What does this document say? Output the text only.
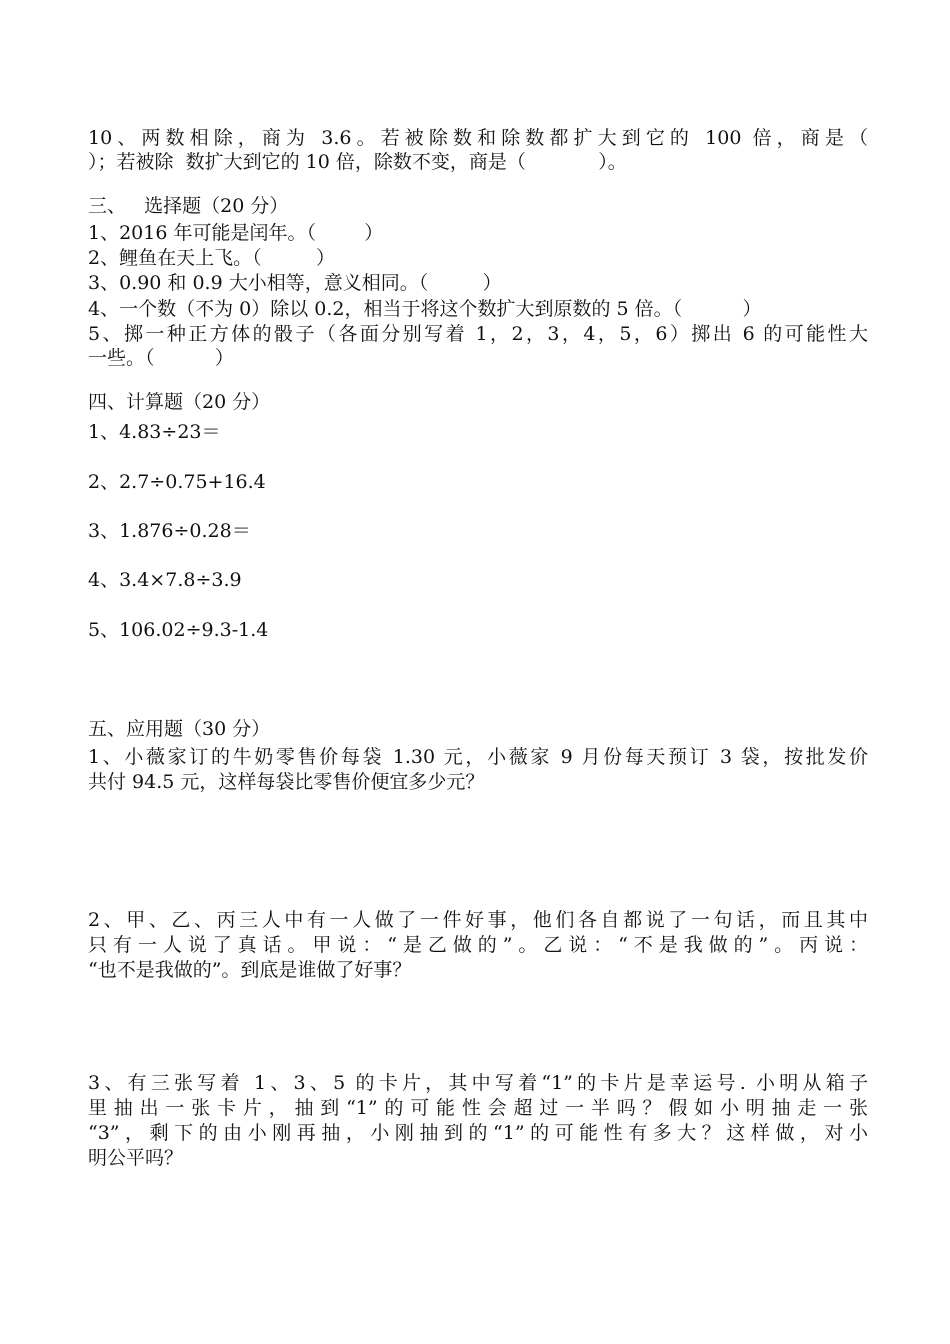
10、两数相除，商为 3.6。若被除数和除数都扩大到它的 100 倍，商是（
）；若被除  数扩大到它的 10 倍，除数不变，商是（            ）。
三、   选择题（20 分）
1、2016 年可能是闰年。（        ）
2、鲤鱼在天上飞。（         ）
3、0.90 和 0.9 大小相等，意义相同。（         ）
4、一个数（不为 0）除以 0.2，相当于将这个数扩大到原数的 5 倍。（          ）
5、掷一种正方体的骰子（各面分别写着 1，2，3，4，5，6）掷出 6 的可能性大
一些。（          ）
四、计算题（20 分）
1、4.83÷23＝
2、2.7÷0.75+16.4
3、1.876÷0.28＝
4、3.4×7.8÷3.9
5、106.02÷9.3-1.4
五、应用题（30 分）
1、小薇家订的牛奶零售价每袋 1.30 元，小薇家 9 月份每天预订 3 袋，按批发价
共付 94.5 元，这样每袋比零售价便宜多少元？
2、甲、乙、丙三人中有一人做了一件好事，他们各自都说了一句话，而且其中
只有一人说了真话。甲说：“是乙做的”。乙说：“不是我做的”。丙说：
“也不是我做的”。到底是谁做了好事？
3、有三张写着 1、3、5 的卡片，其中写着“1”的卡片是幸运号. 小明从箱子
里抽出一张卡片，抽到“1”的可能性会超过一半吗？假如小明抽走一张
“3”，剩下的由小刚再抽，小刚抽到的“1”的可能性有多大？这样做，对小
明公平吗？
